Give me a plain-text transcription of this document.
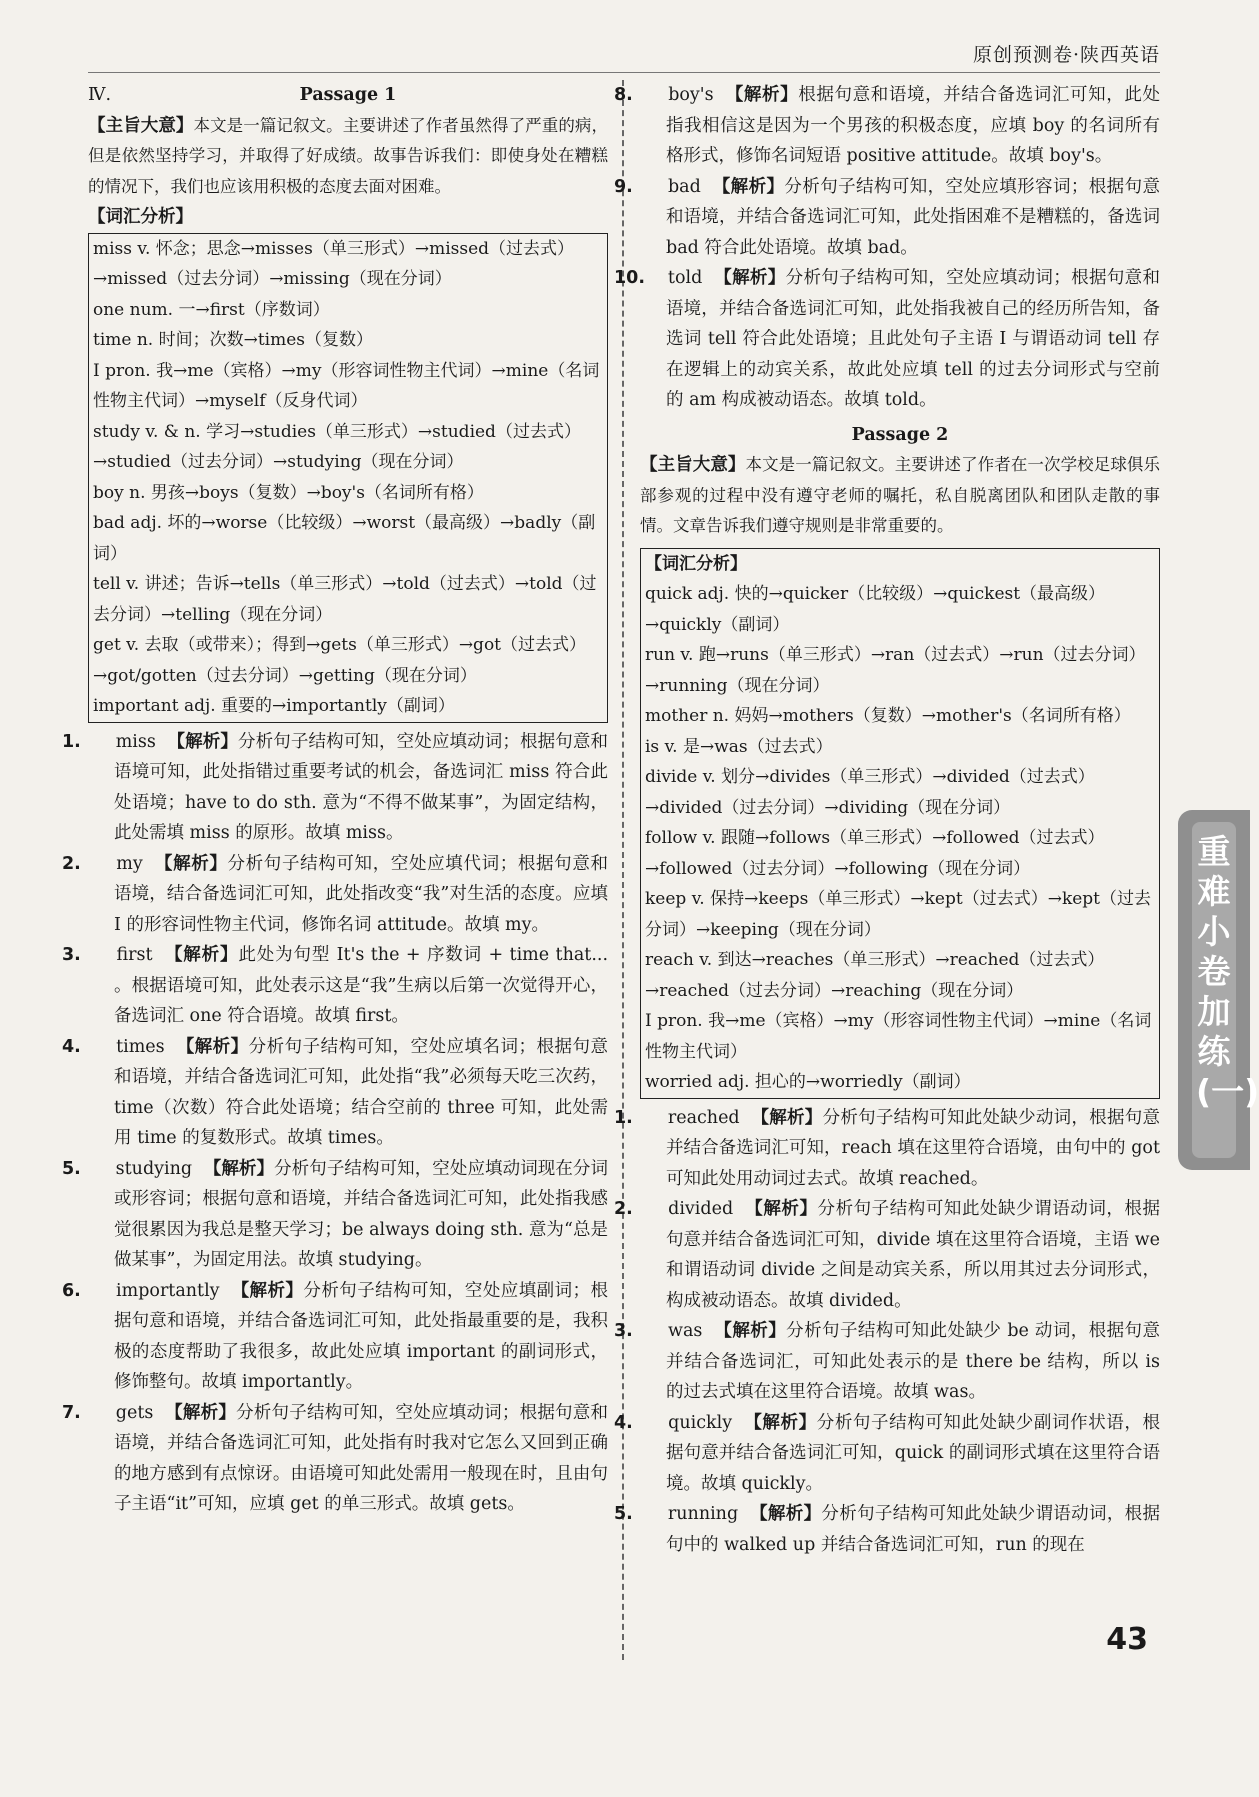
原创预测卷·陕西英语

Ⅳ.	Passage 1

【主旨大意】本文是一篇记叙文。主要讲述了作者虽然得了严重的病，但是依然坚持学习，并取得了好成绩。故事告诉我们：即使身处在糟糕的情况下，我们也应该用积极的态度去面对困难。

【词汇分析】

miss v. 怀念；思念→misses（单三形式）→missed（过去式）→missed（过去分词）→missing（现在分词）
one num. 一→first（序数词）
time n. 时间；次数→times（复数）
I pron. 我→me（宾格）→my（形容词性物主代词）→mine（名词性物主代词）→myself（反身代词）
study v. & n. 学习→studies（单三形式）→studied（过去式）→studied（过去分词）→studying（现在分词）
boy n. 男孩→boys（复数）→boy's（名词所有格）
bad adj. 坏的→worse（比较级）→worst（最高级）→badly（副词）
tell v. 讲述；告诉→tells（单三形式）→told（过去式）→told（过去分词）→telling（现在分词）
get v. 去取（或带来）；得到→gets（单三形式）→got（过去式）→got/gotten（过去分词）→getting（现在分词）
important adj. 重要的→importantly（副词）

1. miss 【解析】分析句子结构可知，空处应填动词；根据句意和语境可知，此处指错过重要考试的机会，备选词汇 miss 符合此处语境；have to do sth. 意为“不得不做某事”，为固定结构，此处需填 miss 的原形。故填 miss。

2. my 【解析】分析句子结构可知，空处应填代词；根据句意和语境，结合备选词汇可知，此处指改变“我”对生活的态度。应填 I 的形容词性物主代词，修饰名词 attitude。故填 my。

3. first 【解析】此处为句型 It's the + 序数词 + time that... 。根据语境可知，此处表示这是“我”生病以后第一次觉得开心，备选词汇 one 符合语境。故填 first。

4. times 【解析】分析句子结构可知，空处应填名词；根据句意和语境，并结合备选词汇可知，此处指“我”必须每天吃三次药，time（次数）符合此处语境；结合空前的 three 可知，此处需用 time 的复数形式。故填 times。

5. studying 【解析】分析句子结构可知，空处应填动词现在分词或形容词；根据句意和语境，并结合备选词汇可知，此处指我感觉很累因为我总是整天学习；be always doing sth. 意为“总是做某事”，为固定用法。故填 studying。

6. importantly 【解析】分析句子结构可知，空处应填副词；根据句意和语境，并结合备选词汇可知，此处指最重要的是，我积极的态度帮助了我很多，故此处应填 important 的副词形式，修饰整句。故填 importantly。

7. gets 【解析】分析句子结构可知，空处应填动词；根据句意和语境，并结合备选词汇可知，此处指有时我对它怎么又回到正确的地方感到有点惊讶。由语境可知此处需用一般现在时，且由句子主语“it”可知，应填 get 的单三形式。故填 gets。

8. boy's 【解析】根据句意和语境，并结合备选词汇可知，此处指我相信这是因为一个男孩的积极态度，应填 boy 的名词所有格形式，修饰名词短语 positive attitude。故填 boy's。

9. bad 【解析】分析句子结构可知，空处应填形容词；根据句意和语境，并结合备选词汇可知，此处指困难不是糟糕的，备选词 bad 符合此处语境。故填 bad。

10. told 【解析】分析句子结构可知，空处应填动词；根据句意和语境，并结合备选词汇可知，此处指我被自己的经历所告知，备选词 tell 符合此处语境；且此处句子主语 I 与谓语动词 tell 存在逻辑上的动宾关系，故此处应填 tell 的过去分词形式与空前的 am 构成被动语态。故填 told。

Passage 2

【主旨大意】本文是一篇记叙文。主要讲述了作者在一次学校足球俱乐部参观的过程中没有遵守老师的嘱托，私自脱离团队和团队走散的事情。文章告诉我们遵守规则是非常重要的。

【词汇分析】
quick adj. 快的→quicker（比较级）→quickest（最高级）→quickly（副词）
run v. 跑→runs（单三形式）→ran（过去式）→run（过去分词）→running（现在分词）
mother n. 妈妈→mothers（复数）→mother's（名词所有格）
is v. 是→was（过去式）
divide v. 划分→divides（单三形式）→divided（过去式）→divided（过去分词）→dividing（现在分词）
follow v. 跟随→follows（单三形式）→followed（过去式）→followed（过去分词）→following（现在分词）
keep v. 保持→keeps（单三形式）→kept（过去式）→kept（过去分词）→keeping（现在分词）
reach v. 到达→reaches（单三形式）→reached（过去式）→reached（过去分词）→reaching（现在分词）
I pron. 我→me（宾格）→my（形容词性物主代词）→mine（名词性物主代词）
worried adj. 担心的→worriedly（副词）

1. reached 【解析】分析句子结构可知此处缺少动词，根据句意并结合备选词汇可知，reach 填在这里符合语境，由句中的 got 可知此处用动词过去式。故填 reached。

2. divided 【解析】分析句子结构可知此处缺少谓语动词，根据句意并结合备选词汇可知，divide 填在这里符合语境，主语 we 和谓语动词 divide 之间是动宾关系，所以用其过去分词形式，构成被动语态。故填 divided。

3. was 【解析】分析句子结构可知此处缺少 be 动词，根据句意并结合备选词汇，可知此处表示的是 there be 结构，所以 is 的过去式填在这里符合语境。故填 was。

4. quickly 【解析】分析句子结构可知此处缺少副词作状语，根据句意并结合备选词汇可知，quick 的副词形式填在这里符合语境。故填 quickly。

5. running 【解析】分析句子结构可知此处缺少谓语动词，根据句中的 walked up 并结合备选词汇可知，run 的现在

重难小卷加练(一)
43
